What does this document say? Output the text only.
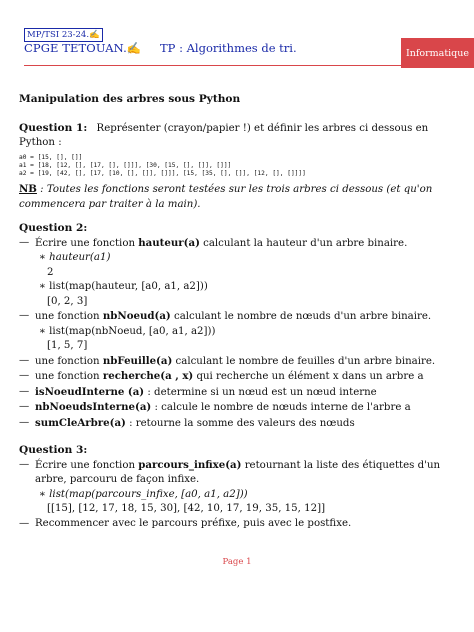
MP/TSI 23-24.✍
CPGE TETOUAN.✍ TP : Algorithmes de tri.	Informatique
Manipulation des arbres sous Python
Question 1: Représenter (crayon/papier !) et définir les arbres ci dessous en Python :
a0 = [15, [], []]
a1 = [18, [12, [], [17, [], []]], [30, [15, [], []], []]]
a2 = [19, [42, [], [17, [10, [], []], []]], [15, [35, [], []], [12, [], []]]]
NB : Toutes les fonctions seront testées sur les trois arbres ci dessous (et qu'on commencera par traiter à la main).
Question 2:
— Écrire une fonction hauteur(a) calculant la hauteur d'un arbre binaire.
∗ hauteur(a1)
2
∗ list(map(hauteur, [a0, a1, a2]))
[0, 2, 3]
— une fonction nbNoeud(a) calculant le nombre de nœuds d'un arbre binaire.
∗ list(map(nbNoeud, [a0, a1, a2]))
[1, 5, 7]
— une fonction nbFeuille(a) calculant le nombre de feuilles d'un arbre binaire.
— une fonction recherche(a , x) qui recherche un élément x dans un arbre a
— isNoeudInterne (a) : determine si un nœud est un nœud interne
— nbNoeudsInterne(a) : calcule le nombre de nœuds interne de l'arbre a
— sumCleArbre(a) : retourne la somme des valeurs des nœuds
Question 3:
— Écrire une fonction parcours_infixe(a) retournant la liste des étiquettes d'un arbre, parcouru de façon infixe.
∗ list(map(parcours_infixe, [a0, a1, a2]))
[[15], [12, 17, 18, 15, 30], [42, 10, 17, 19, 35, 15, 12]]
— Recommencer avec le parcours préfixe, puis avec le postfixe.
Page 1
